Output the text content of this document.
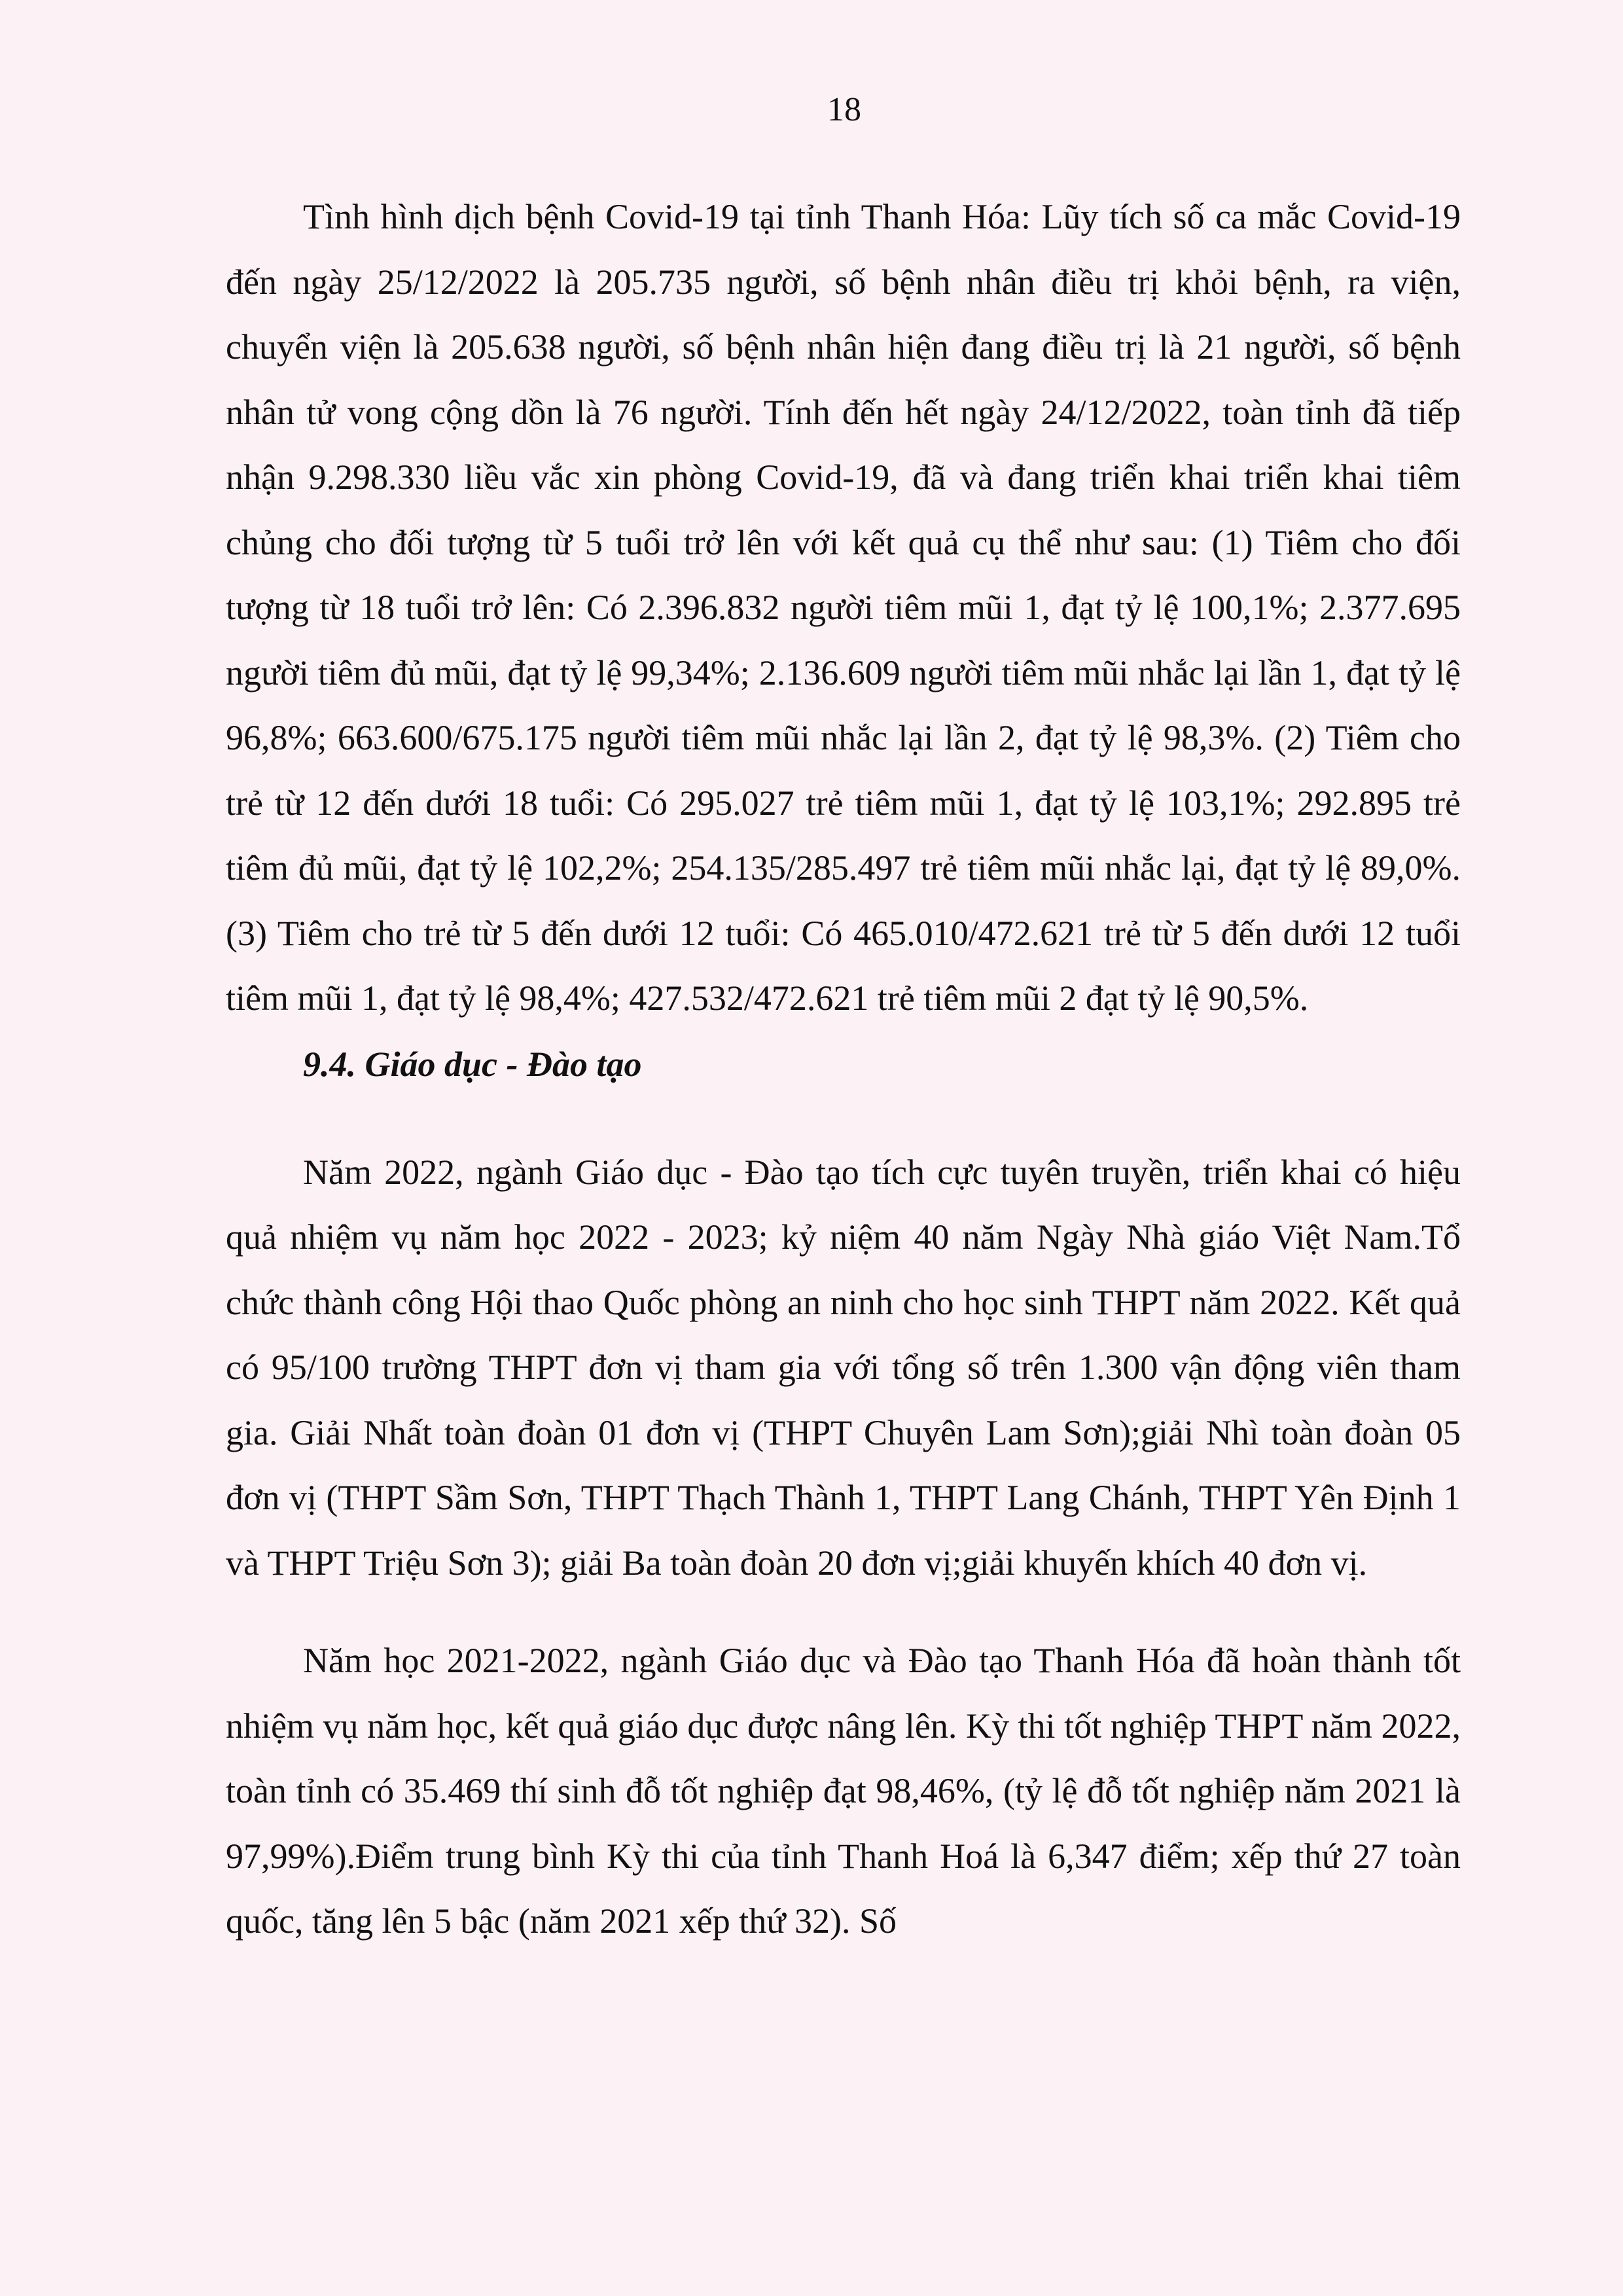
18

Tình hình dịch bệnh Covid-19 tại tỉnh Thanh Hóa: Lũy tích số ca mắc Covid-19 đến ngày 25/12/2022 là 205.735 người, số bệnh nhân điều trị khỏi bệnh, ra viện, chuyển viện là 205.638 người, số bệnh nhân hiện đang điều trị là 21 người, số bệnh nhân tử vong cộng dồn là 76 người. Tính đến hết ngày 24/12/2022, toàn tỉnh đã tiếp nhận 9.298.330 liều vắc xin phòng Covid-19, đã và đang triển khai triển khai tiêm chủng cho đối tượng từ 5 tuổi trở lên với kết quả cụ thể như sau: (1) Tiêm cho đối tượng từ 18 tuổi trở lên: Có 2.396.832 người tiêm mũi 1, đạt tỷ lệ 100,1%; 2.377.695 người tiêm đủ mũi, đạt tỷ lệ 99,34%; 2.136.609 người tiêm mũi nhắc lại lần 1, đạt tỷ lệ 96,8%; 663.600/675.175 người tiêm mũi nhắc lại lần 2, đạt tỷ lệ 98,3%. (2) Tiêm cho trẻ từ 12 đến dưới 18 tuổi: Có 295.027 trẻ tiêm mũi 1, đạt tỷ lệ 103,1%; 292.895 trẻ tiêm đủ mũi, đạt tỷ lệ 102,2%; 254.135/285.497 trẻ tiêm mũi nhắc lại, đạt tỷ lệ 89,0%. (3) Tiêm cho trẻ từ 5 đến dưới 12 tuổi: Có 465.010/472.621 trẻ từ 5 đến dưới 12 tuổi tiêm mũi 1, đạt tỷ lệ 98,4%; 427.532/472.621 trẻ tiêm mũi 2 đạt tỷ lệ 90,5%.

9.4. Giáo dục - Đào tạo

Năm 2022, ngành Giáo dục - Đào tạo tích cực tuyên truyền, triển khai có hiệu quả nhiệm vụ năm học 2022 - 2023; kỷ niệm 40 năm Ngày Nhà giáo Việt Nam.Tổ chức thành công Hội thao Quốc phòng an ninh cho học sinh THPT năm 2022. Kết quả có 95/100 trường THPT đơn vị tham gia với tổng số trên 1.300 vận động viên tham gia. Giải Nhất toàn đoàn 01 đơn vị (THPT Chuyên Lam Sơn);giải Nhì toàn đoàn 05 đơn vị (THPT Sầm Sơn, THPT Thạch Thành 1, THPT Lang Chánh, THPT Yên Định 1 và THPT Triệu Sơn 3); giải Ba toàn đoàn 20 đơn vị;giải khuyến khích 40 đơn vị.

Năm học 2021-2022, ngành Giáo dục và Đào tạo Thanh Hóa đã hoàn thành tốt nhiệm vụ năm học, kết quả giáo dục được nâng lên. Kỳ thi tốt nghiệp THPT năm 2022, toàn tỉnh có 35.469 thí sinh đỗ tốt nghiệp đạt 98,46%, (tỷ lệ đỗ tốt nghiệp năm 2021 là 97,99%).Điểm trung bình Kỳ thi của tỉnh Thanh Hoá là 6,347 điểm; xếp thứ 27 toàn quốc, tăng lên 5 bậc (năm 2021 xếp thứ 32). Số
